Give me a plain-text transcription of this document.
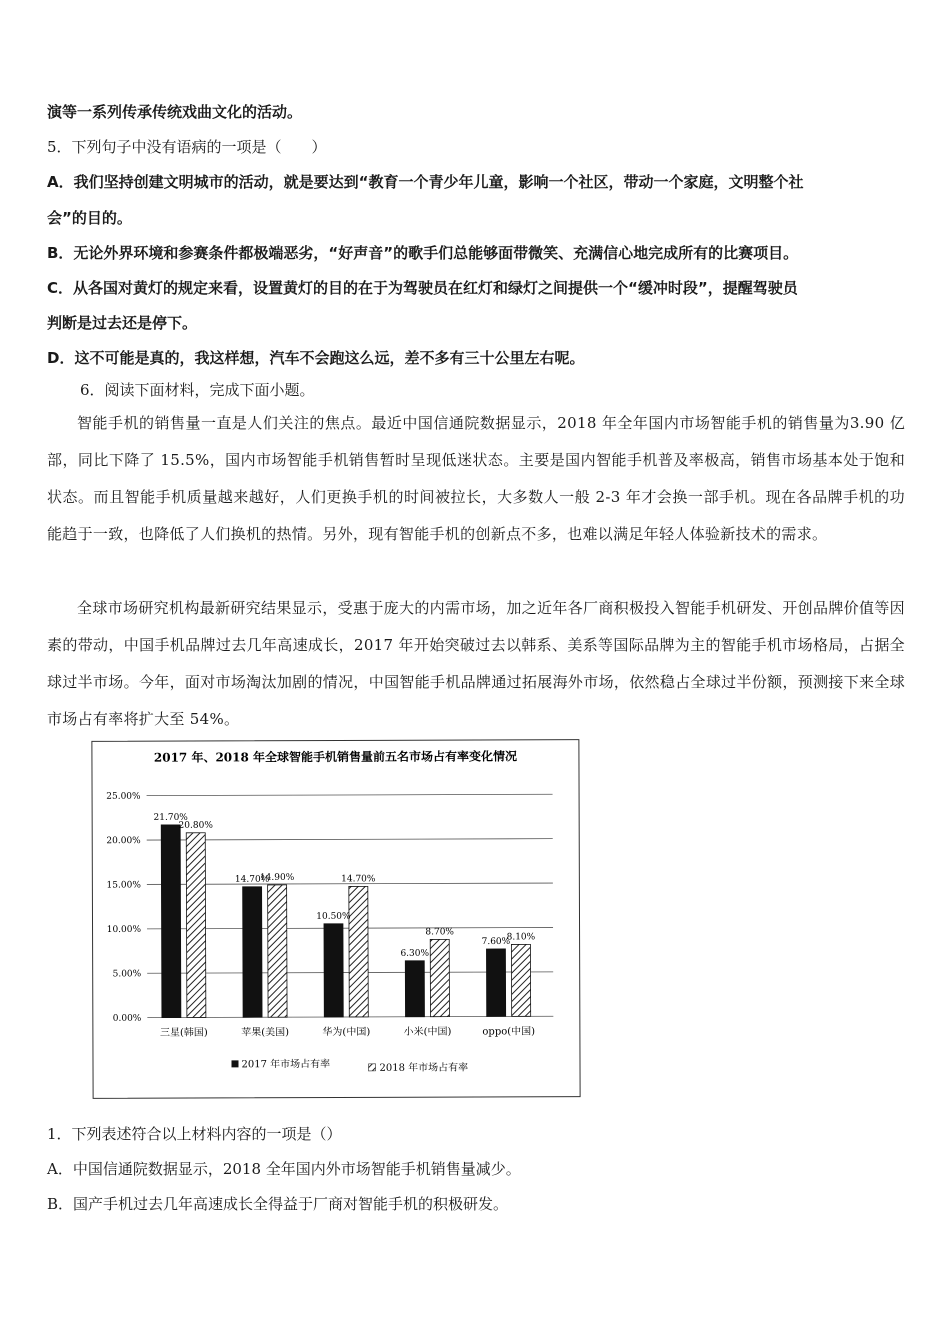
演等一系列传承传统戏曲文化的活动。
5．下列句子中没有语病的一项是（　　）
A．我们坚持创建文明城市的活动，就是要达到“教育一个青少年儿童，影响一个社区，带动一个家庭，文明整个社
会”的目的。
B．无论外界环境和参赛条件都极端恶劣，“好声音”的歌手们总能够面带微笑、充满信心地完成所有的比赛项目。
C．从各国对黄灯的规定来看，设置黄灯的目的在于为驾驶员在红灯和绿灯之间提供一个“缓冲时段”，提醒驾驶员
判断是过去还是停下。
D．这不可能是真的，我这样想，汽车不会跑这么远，差不多有三十公里左右呢。
6．阅读下面材料，完成下面小题。
智能手机的销售量一直是人们关注的焦点。最近中国信通院数据显示，2018 年全年国内市场智能手机的销售量为3.90 亿部，同比下降了 15.5%，国内市场智能手机销售暂时呈现低迷状态。主要是国内智能手机普及率极高，销售市场基本处于饱和状态。而且智能手机质量越来越好，人们更换手机的时间被拉长，大多数人一般 2-3 年才会换一部手机。现在各品牌手机的功能趋于一致，也降低了人们换机的热情。另外，现有智能手机的创新点不多，也难以满足年轻人体验新技术的需求。
全球市场研究机构最新研究结果显示，受惠于庞大的内需市场，加之近年各厂商积极投入智能手机研发、开创品牌价值等因素的带动，中国手机品牌过去几年高速成长，2017 年开始突破过去以韩系、美系等国际品牌为主的智能手机市场格局，占据全球过半市场。今年，面对市场淘汰加剧的情况，中国智能手机品牌通过拓展海外市场，依然稳占全球过半份额，预测接下来全球市场占有率将扩大至 54%。
2017 年、2018 年全球智能手机销售量前五名市场占有率变化情况
0.00%
5.00%
10.00%
15.00%
20.00%
25.00%
21.70%
20.80%
三星(韩国)
14.70%
14.90%
苹果(美国)
10.50%
14.70%
华为(中国)
6.30%
8.70%
小米(中国)
7.60%
8.10%
oppo(中国)
2017 年市场占有率	2018 年市场占有率
1．下列表述符合以上材料内容的一项是（）
A．中国信通院数据显示，2018 全年国内外市场智能手机销售量减少。
B．国产手机过去几年高速成长全得益于厂商对智能手机的积极研发。
